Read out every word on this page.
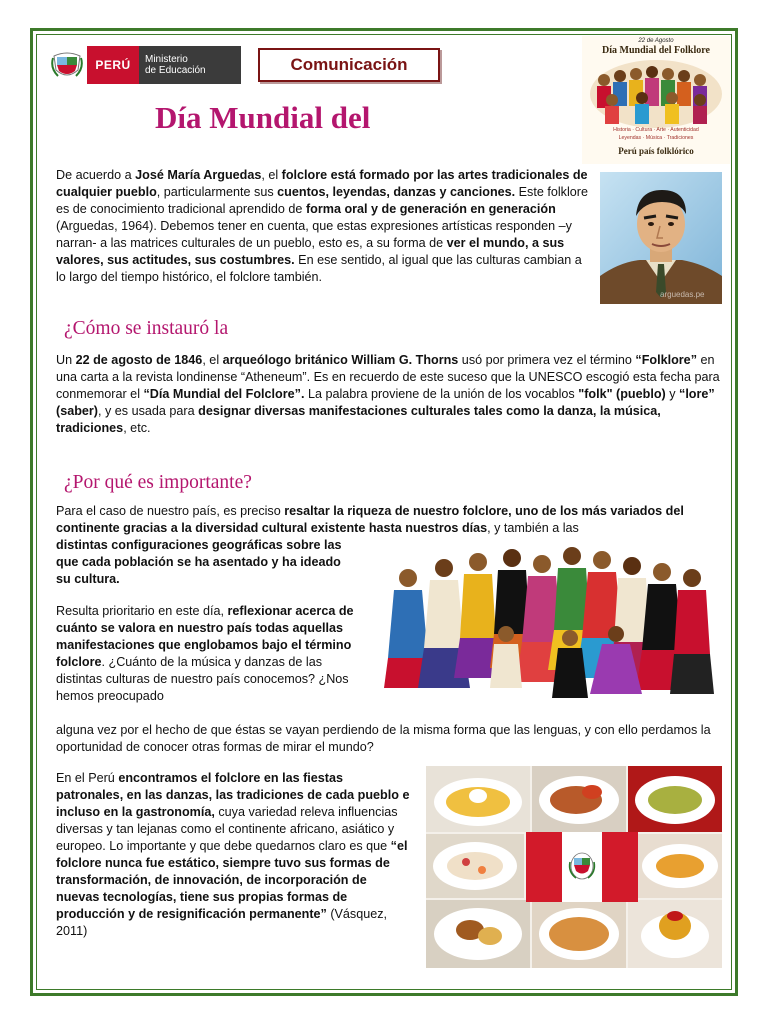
PERÚ	Ministerio
de Educación	Comunicación
Día Mundial del
22 de Agosto
Día Mundial del Folklore
Historia · Cultura · Arte · Autenticidad
Leyendas · Música · Tradiciones
Perú país folklórico
arguedas.pe

De acuerdo a José María Arguedas, el folclore está formado por las artes tradicionales de cualquier pueblo, particularmente sus cuentos, leyendas, danzas y canciones. Este folklore es de conocimiento tradicional aprendido de forma oral y de generación en generación (Arguedas, 1964). Debemos tener en cuenta, que estas expresiones artísticas responden –y narran- a las matrices culturales de un pueblo, esto es, a su forma de ver el mundo, a sus valores, sus actitudes, sus costumbres. En ese sentido, al igual que las culturas cambian a lo largo del tiempo histórico, el folclore también.

¿Cómo se instauró la

Un 22 de agosto de 1846, el arqueólogo británico William G. Thorns usó por primera vez el término “Folklore” en una carta a la revista londinense “Atheneum”. Es en recuerdo de este suceso que la UNESCO escogió esta fecha para conmemorar el “Día Mundial del Folclore”. La palabra proviene de la unión de los vocablos "folk" (pueblo) y “lore” (saber), y es usada para designar diversas manifestaciones culturales tales como la danza, la música, tradiciones, etc.

¿Por qué es importante?

Para el caso de nuestro país, es preciso resaltar la riqueza de nuestro folclore, uno de los más variados del continente gracias a la diversidad cultural existente hasta nuestros días, y también a las

distintas configuraciones geográficas sobre las que cada población se ha asentado y ha ideado su cultura.

Resulta prioritario en este día, reflexionar acerca de cuánto se valora en nuestro país todas aquellas manifestaciones que englobamos bajo el término folclore. ¿Cuánto de la música y danzas de las distintas culturas de nuestro país conocemos? ¿Nos hemos preocupado

alguna vez por el hecho de que éstas se vayan perdiendo de la misma forma que las lenguas, y con ello perdamos la oportunidad de conocer otras formas de mirar el mundo?

En el Perú encontramos el folclore en las fiestas patronales, en las danzas, las tradiciones de cada pueblo e incluso en la gastronomía, cuya variedad releva influencias diversas y tan lejanas como el continente africano, asiático y europeo. Lo importante y que debe quedarnos claro es que “el folclore nunca fue estático, siempre tuvo sus formas de transformación, de innovación, de incorporación de nuevas tecnologías, tiene sus propias formas de producción y de resignificación permanente” (Vásquez, 2011)
